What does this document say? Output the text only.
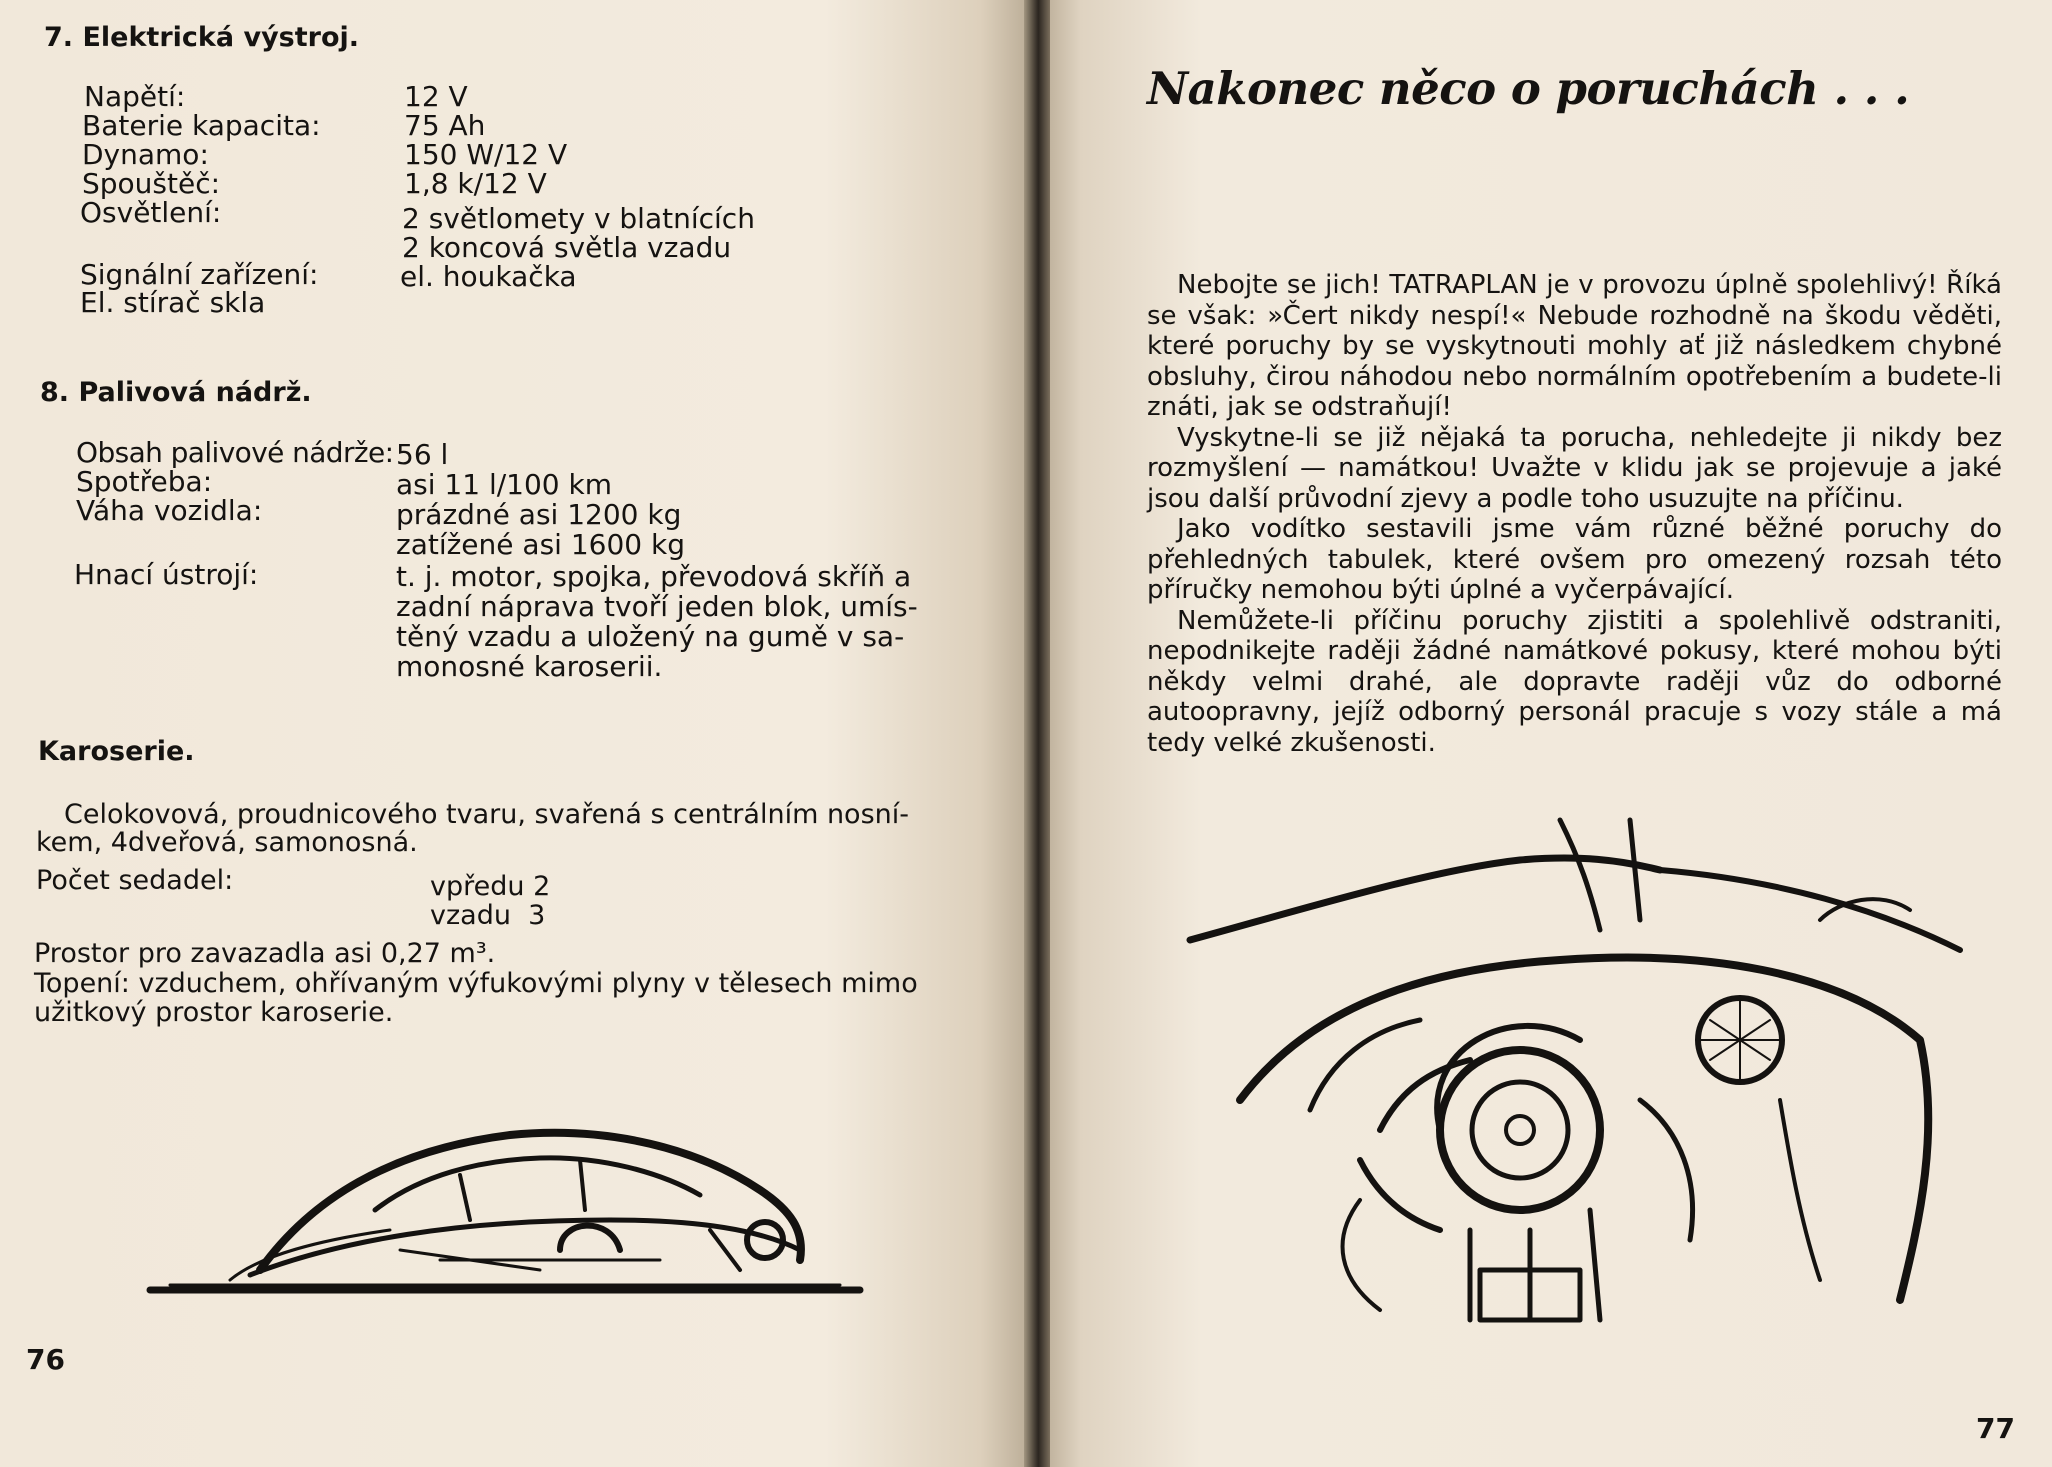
7. Elektrická výstroj.
Napětí:	12 V
Baterie kapacita:	75 Ah
Dynamo:	150 W/12 V
Spouštěč:	1,8 k/12 V
Osvětlení:	2 světlomety v blatnících
2 koncová světla vzadu
Signální zařízení:	el. houkačka
El. stírač skla
8. Palivová nádrž.
Obsah palivové nádrže: 56 l
Spotřeba:	asi 11 l/100 km
Váha vozidla:	prázdné asi 1200 kg
zatížené asi 1600 kg
Hnací ústrojí:	t. j. motor, spojka, převodová skříň a
zadní náprava tvoří jeden blok, umís-
těný vzadu a uložený na gumě v sa-
monosné karoserii.
Karoserie.
Celokovová, proudnicového tvaru, svařená s centrálním nosní-
kem, 4dveřová, samonosná.
Počet sedadel:	vpředu 2
vzadu  3
Prostor pro zavazadla asi 0,27 m³.
Topení: vzduchem, ohřívaným výfukovými plyny v tělesech mimo
užitkový prostor karoserie.
76
Nakonec něco o poruchách . . .

Nebojte se jich! TATRAPLAN je v provozu úplně spolehlivý! Říká se však: »Čert nikdy nespí!« Nebude rozhodně na škodu věděti, které poruchy by se vyskytnouti mohly ať již následkem chybné obsluhy, čirou náhodou nebo normálním opotřebením a budete-li znáti, jak se odstraňují!

Vyskytne-li se již nějaká ta porucha, nehledejte ji nikdy bez rozmyšlení — namátkou! Uvažte v klidu jak se projevuje a jaké jsou další průvodní zjevy a podle toho usuzujte na příčinu.

Jako vodítko sestavili jsme vám různé běžné poruchy do přehledných tabulek, které ovšem pro omezený rozsah této příručky nemohou býti úplné a vyčerpávající.

Nemůžete-li příčinu poruchy zjistiti a spolehlivě odstraniti, nepodnikejte raději žádné namátkové pokusy, které mohou býti někdy velmi drahé, ale dopravte raději vůz do odborné autoopravny, jejíž odborný personál pracuje s vozy stále a má tedy velké zkušenosti.

77
